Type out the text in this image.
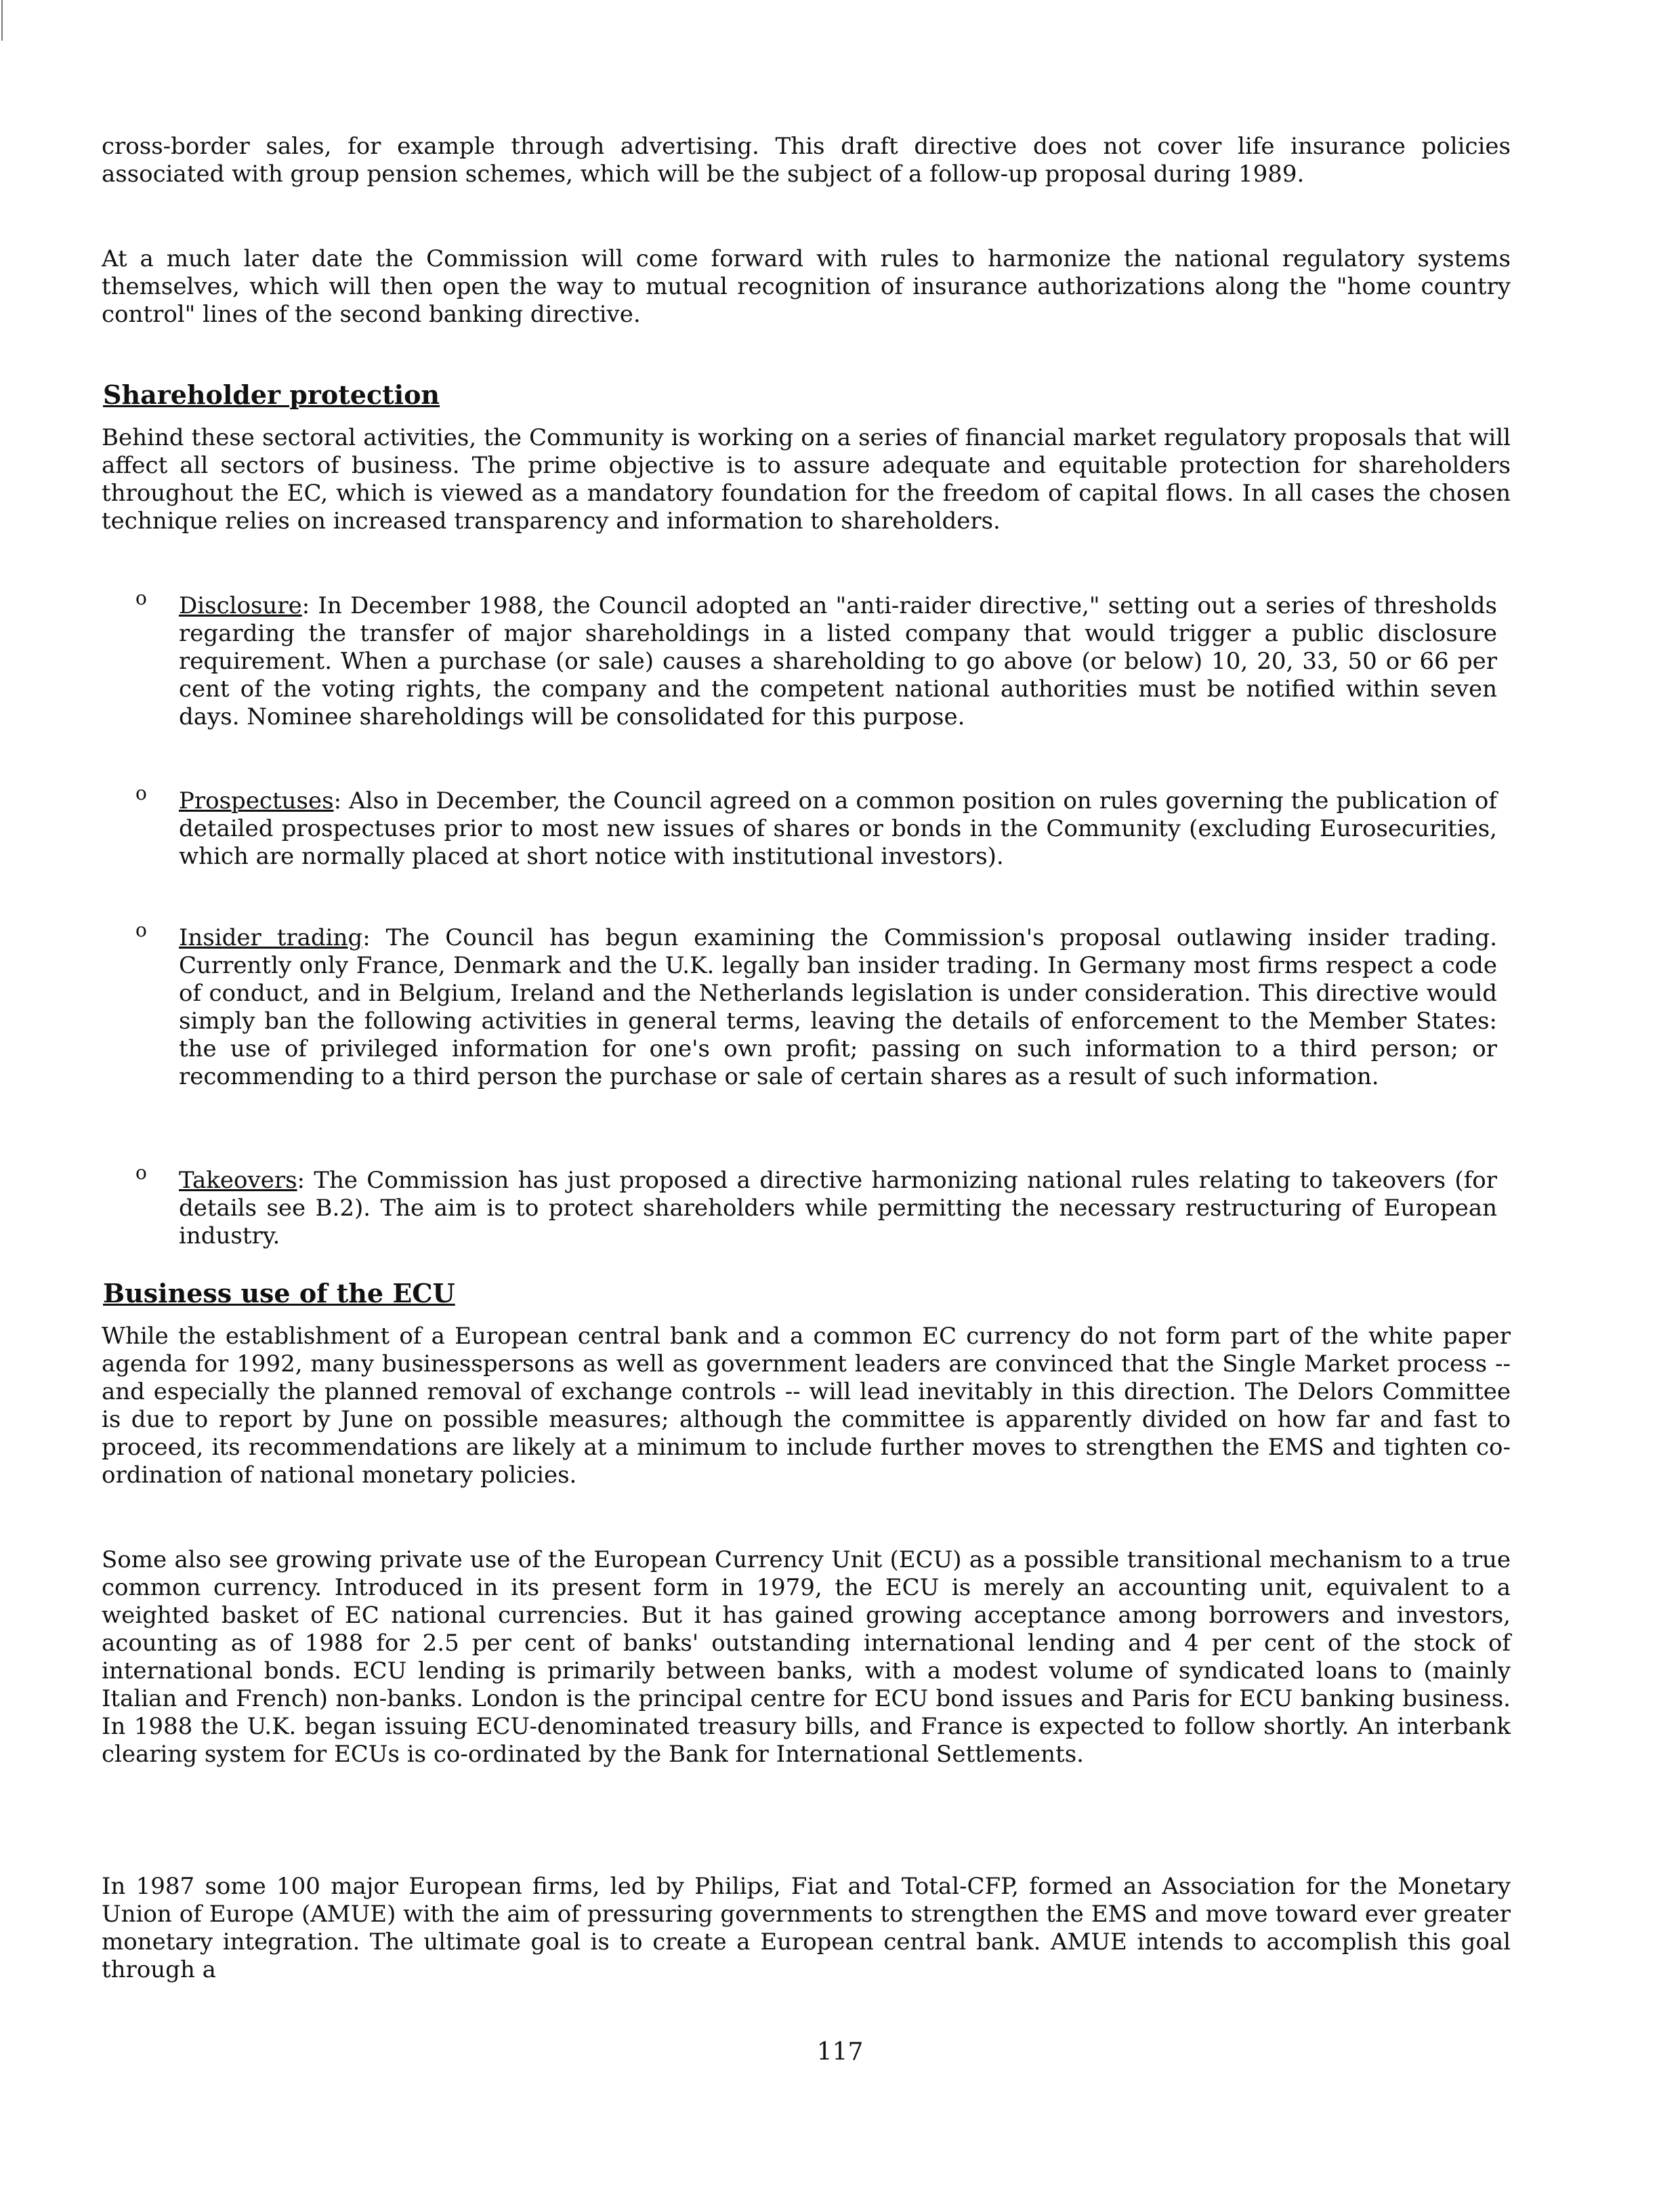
cross-border sales, for example through advertising. This draft directive does not cover life insurance policies associated with group pension schemes, which will be the subject of a follow-up proposal during 1989.
At a much later date the Commission will come forward with rules to harmonize the national regulatory systems themselves, which will then open the way to mutual recognition of insurance authorizations along the "home country control" lines of the second banking directive.
Shareholder protection
Behind these sectoral activities, the Community is working on a series of financial market regulatory proposals that will affect all sectors of business. The prime objective is to assure adequate and equitable protection for shareholders throughout the EC, which is viewed as a mandatory foundation for the freedom of capital flows. In all cases the chosen technique relies on increased transparency and information to shareholders.
o Disclosure: In December 1988, the Council adopted an "anti-raider directive," setting out a series of thresholds regarding the transfer of major shareholdings in a listed company that would trigger a public disclosure requirement. When a purchase (or sale) causes a shareholding to go above (or below) 10, 20, 33, 50 or 66 per cent of the voting rights, the company and the competent national authorities must be notified within seven days. Nominee shareholdings will be consolidated for this purpose.
o Prospectuses: Also in December, the Council agreed on a common position on rules governing the publication of detailed prospectuses prior to most new issues of shares or bonds in the Community (excluding Eurosecurities, which are normally placed at short notice with institutional investors).
o Insider trading: The Council has begun examining the Commission's proposal outlawing insider trading. Currently only France, Denmark and the U.K. legally ban insider trading. In Germany most firms respect a code of conduct, and in Belgium, Ireland and the Netherlands legislation is under consideration. This directive would simply ban the following activities in general terms, leaving the details of enforcement to the Member States: the use of privileged information for one's own profit; passing on such information to a third person; or recommending to a third person the purchase or sale of certain shares as a result of such information.
o Takeovers: The Commission has just proposed a directive harmonizing national rules relating to takeovers (for details see B.2). The aim is to protect shareholders while permitting the necessary restructuring of European industry.
Business use of the ECU
While the establishment of a European central bank and a common EC currency do not form part of the white paper agenda for 1992, many businesspersons as well as government leaders are convinced that the Single Market process -- and especially the planned removal of exchange controls -- will lead inevitably in this direction. The Delors Committee is due to report by June on possible measures; although the committee is apparently divided on how far and fast to proceed, its recommendations are likely at a minimum to include further moves to strengthen the EMS and tighten co-ordination of national monetary policies.
Some also see growing private use of the European Currency Unit (ECU) as a possible transitional mechanism to a true common currency. Introduced in its present form in 1979, the ECU is merely an accounting unit, equivalent to a weighted basket of EC national currencies. But it has gained growing acceptance among borrowers and investors, acounting as of 1988 for 2.5 per cent of banks' outstanding international lending and 4 per cent of the stock of international bonds. ECU lending is primarily between banks, with a modest volume of syndicated loans to (mainly Italian and French) non-banks. London is the principal centre for ECU bond issues and Paris for ECU banking business. In 1988 the U.K. began issuing ECU-denominated treasury bills, and France is expected to follow shortly. An interbank clearing system for ECUs is co-ordinated by the Bank for International Settlements.
In 1987 some 100 major European firms, led by Philips, Fiat and Total-CFP, formed an Association for the Monetary Union of Europe (AMUE) with the aim of pressuring governments to strengthen the EMS and move toward ever greater monetary integration. The ultimate goal is to create a European central bank. AMUE intends to accomplish this goal through a
117
